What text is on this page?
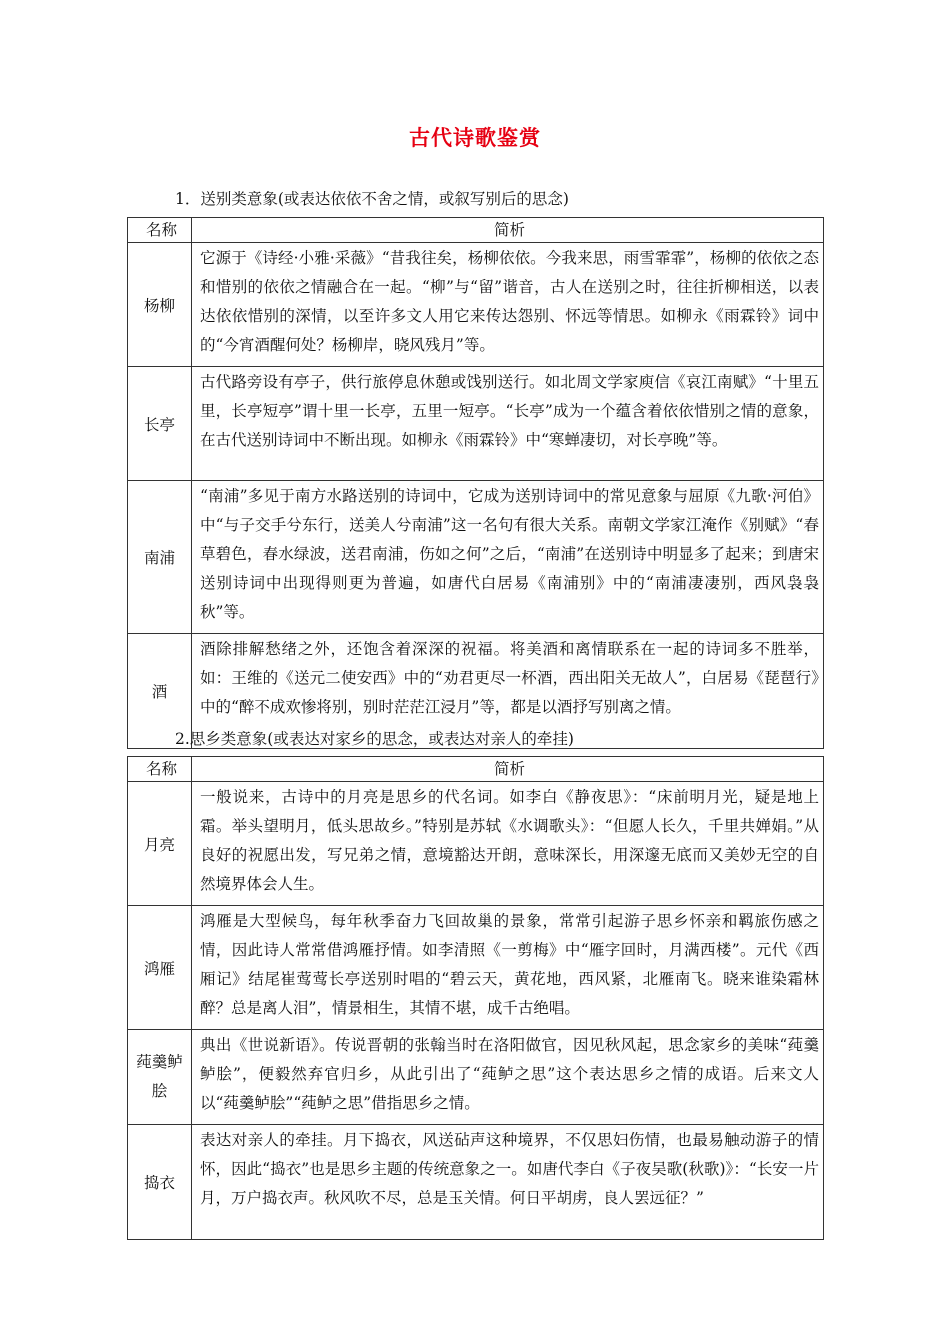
古代诗歌鉴赏
1．送别类意象(或表达依依不舍之情，或叙写别后的思念)
名称	简析
杨柳	它源于《诗经·小雅·采薇》“昔我往矣，杨柳依依。今我来思，雨雪霏霏”，杨柳的依依之态和惜别的依依之情融合在一起。“柳”与“留”谐音，古人在送别之时，往往折柳相送，以表达依依惜别的深情，以至许多文人用它来传达怨别、怀远等情思。如柳永《雨霖铃》词中的“今宵酒醒何处？杨柳岸，晓风残月”等。
长亭	古代路旁设有亭子，供行旅停息休憩或饯别送行。如北周文学家庾信《哀江南赋》“十里五里，长亭短亭”谓十里一长亭，五里一短亭。“长亭”成为一个蕴含着依依惜别之情的意象，在古代送别诗词中不断出现。如柳永《雨霖铃》中“寒蝉凄切，对长亭晚”等。
南浦	“南浦”多见于南方水路送别的诗词中，它成为送别诗词中的常见意象与屈原《九歌·河伯》中“与子交手兮东行，送美人兮南浦”这一名句有很大关系。南朝文学家江淹作《别赋》“春草碧色，春水绿波，送君南浦，伤如之何”之后，“南浦”在送别诗中明显多了起来；到唐宋送别诗词中出现得则更为普遍，如唐代白居易《南浦别》中的“南浦凄凄别，西风袅袅秋”等。
酒	酒除排解愁绪之外，还饱含着深深的祝福。将美酒和离情联系在一起的诗词多不胜举，如：王维的《送元二使安西》中的“劝君更尽一杯酒，西出阳关无故人”，白居易《琵琶行》中的“醉不成欢惨将别，别时茫茫江浸月”等，都是以酒抒写别离之情。
2.思乡类意象(或表达对家乡的思念，或表达对亲人的牵挂)
名称	简析
月亮	一般说来，古诗中的月亮是思乡的代名词。如李白《静夜思》：“床前明月光，疑是地上霜。举头望明月，低头思故乡。”特别是苏轼《水调歌头》：“但愿人长久，千里共婵娟。”从良好的祝愿出发，写兄弟之情，意境豁达开朗，意味深长，用深邃无底而又美妙无空的自然境界体会人生。
鸿雁	鸿雁是大型候鸟，每年秋季奋力飞回故巢的景象，常常引起游子思乡怀亲和羁旅伤感之情，因此诗人常常借鸿雁抒情。如李清照《一剪梅》中“雁字回时，月满西楼”。元代《西厢记》结尾崔莺莺长亭送别时唱的“碧云天，黄花地，西风紧，北雁南飞。晓来谁染霜林醉？总是离人泪”，情景相生，其情不堪，成千古绝唱。
莼羹鲈脍	典出《世说新语》。传说晋朝的张翰当时在洛阳做官，因见秋风起，思念家乡的美味“莼羹鲈脍”，便毅然弃官归乡，从此引出了“莼鲈之思”这个表达思乡之情的成语。后来文人以“莼羹鲈脍”“莼鲈之思”借指思乡之情。
捣衣	表达对亲人的牵挂。月下捣衣，风送砧声这种境界，不仅思妇伤情，也最易触动游子的情怀，因此“捣衣”也是思乡主题的传统意象之一。如唐代李白《子夜吴歌(秋歌)》：“长安一片月，万户捣衣声。秋风吹不尽，总是玉关情。何日平胡虏，良人罢远征？”
